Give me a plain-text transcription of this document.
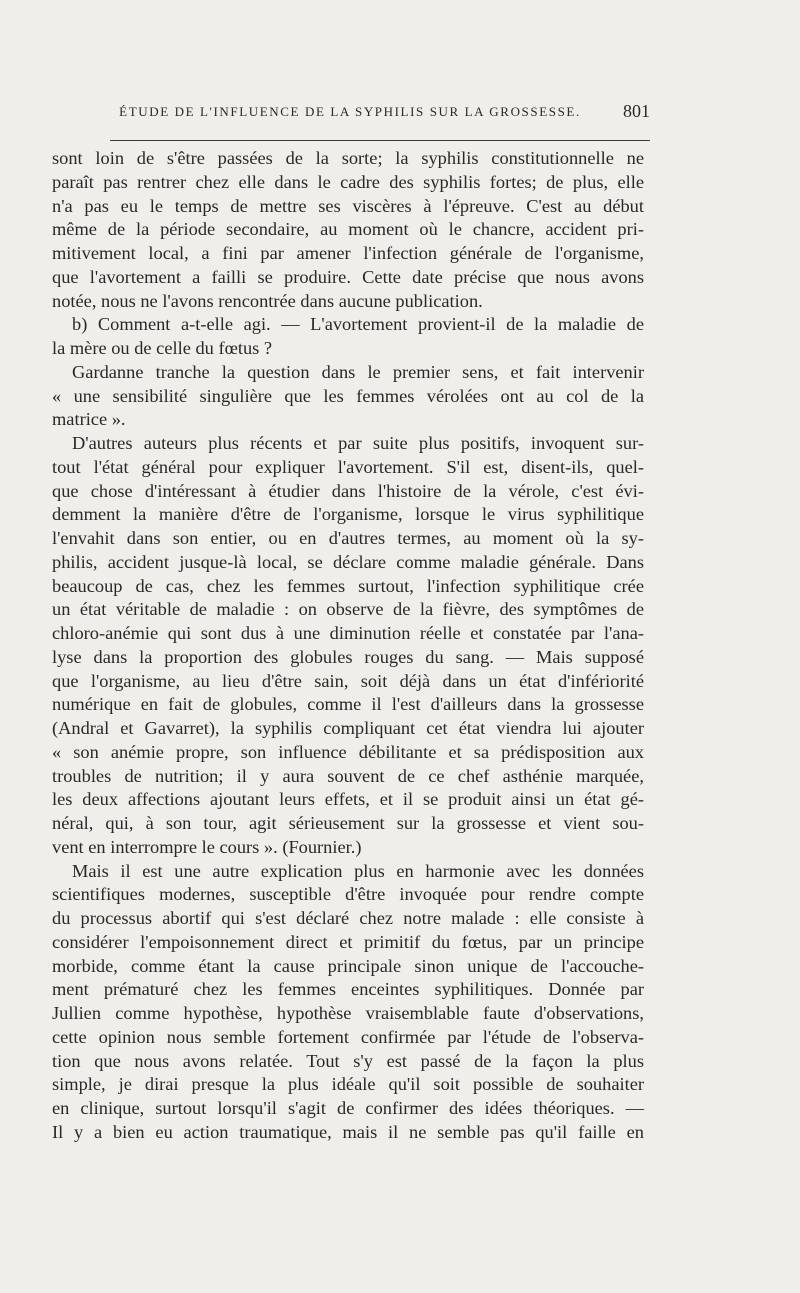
ÉTUDE DE L'INFLUENCE DE LA SYPHILIS SUR LA GROSSESSE.	801
sont loin de s'être passées de la sorte; la syphilis constitutionnelle ne
paraît pas rentrer chez elle dans le cadre des syphilis fortes; de plus, elle
n'a pas eu le temps de mettre ses viscères à l'épreuve. C'est au début
même de la période secondaire, au moment où le chancre, accident pri-
mitivement local, a fini par amener l'infection générale de l'organisme,
que l'avortement a failli se produire. Cette date précise que nous avons
notée, nous ne l'avons rencontrée dans aucune publication.
b) Comment a-t-elle agi. — L'avortement provient-il de la maladie de
la mère ou de celle du fœtus ?
Gardanne tranche la question dans le premier sens, et fait intervenir
« une sensibilité singulière que les femmes vérolées ont au col de la
matrice ».
D'autres auteurs plus récents et par suite plus positifs, invoquent sur-
tout l'état général pour expliquer l'avortement. S'il est, disent-ils, quel-
que chose d'intéressant à étudier dans l'histoire de la vérole, c'est évi-
demment la manière d'être de l'organisme, lorsque le virus syphilitique
l'envahit dans son entier, ou en d'autres termes, au moment où la sy-
philis, accident jusque-là local, se déclare comme maladie générale. Dans
beaucoup de cas, chez les femmes surtout, l'infection syphilitique crée
un état véritable de maladie : on observe de la fièvre, des symptômes de
chloro-anémie qui sont dus à une diminution réelle et constatée par l'ana-
lyse dans la proportion des globules rouges du sang. — Mais supposé
que l'organisme, au lieu d'être sain, soit déjà dans un état d'infériorité
numérique en fait de globules, comme il l'est d'ailleurs dans la grossesse
(Andral et Gavarret), la syphilis compliquant cet état viendra lui ajouter
« son anémie propre, son influence débilitante et sa prédisposition aux
troubles de nutrition; il y aura souvent de ce chef asthénie marquée,
les deux affections ajoutant leurs effets, et il se produit ainsi un état gé-
néral, qui, à son tour, agit sérieusement sur la grossesse et vient sou-
vent en interrompre le cours ». (Fournier.)
Mais il est une autre explication plus en harmonie avec les données
scientifiques modernes, susceptible d'être invoquée pour rendre compte
du processus abortif qui s'est déclaré chez notre malade : elle consiste à
considérer l'empoisonnement direct et primitif du fœtus, par un principe
morbide, comme étant la cause principale sinon unique de l'accouche-
ment prématuré chez les femmes enceintes syphilitiques. Donnée par
Jullien comme hypothèse, hypothèse vraisemblable faute d'observations,
cette opinion nous semble fortement confirmée par l'étude de l'observa-
tion que nous avons relatée. Tout s'y est passé de la façon la plus
simple, je dirai presque la plus idéale qu'il soit possible de souhaiter
en clinique, surtout lorsqu'il s'agit de confirmer des idées théoriques. —
Il y a bien eu action traumatique, mais il ne semble pas qu'il faille en
